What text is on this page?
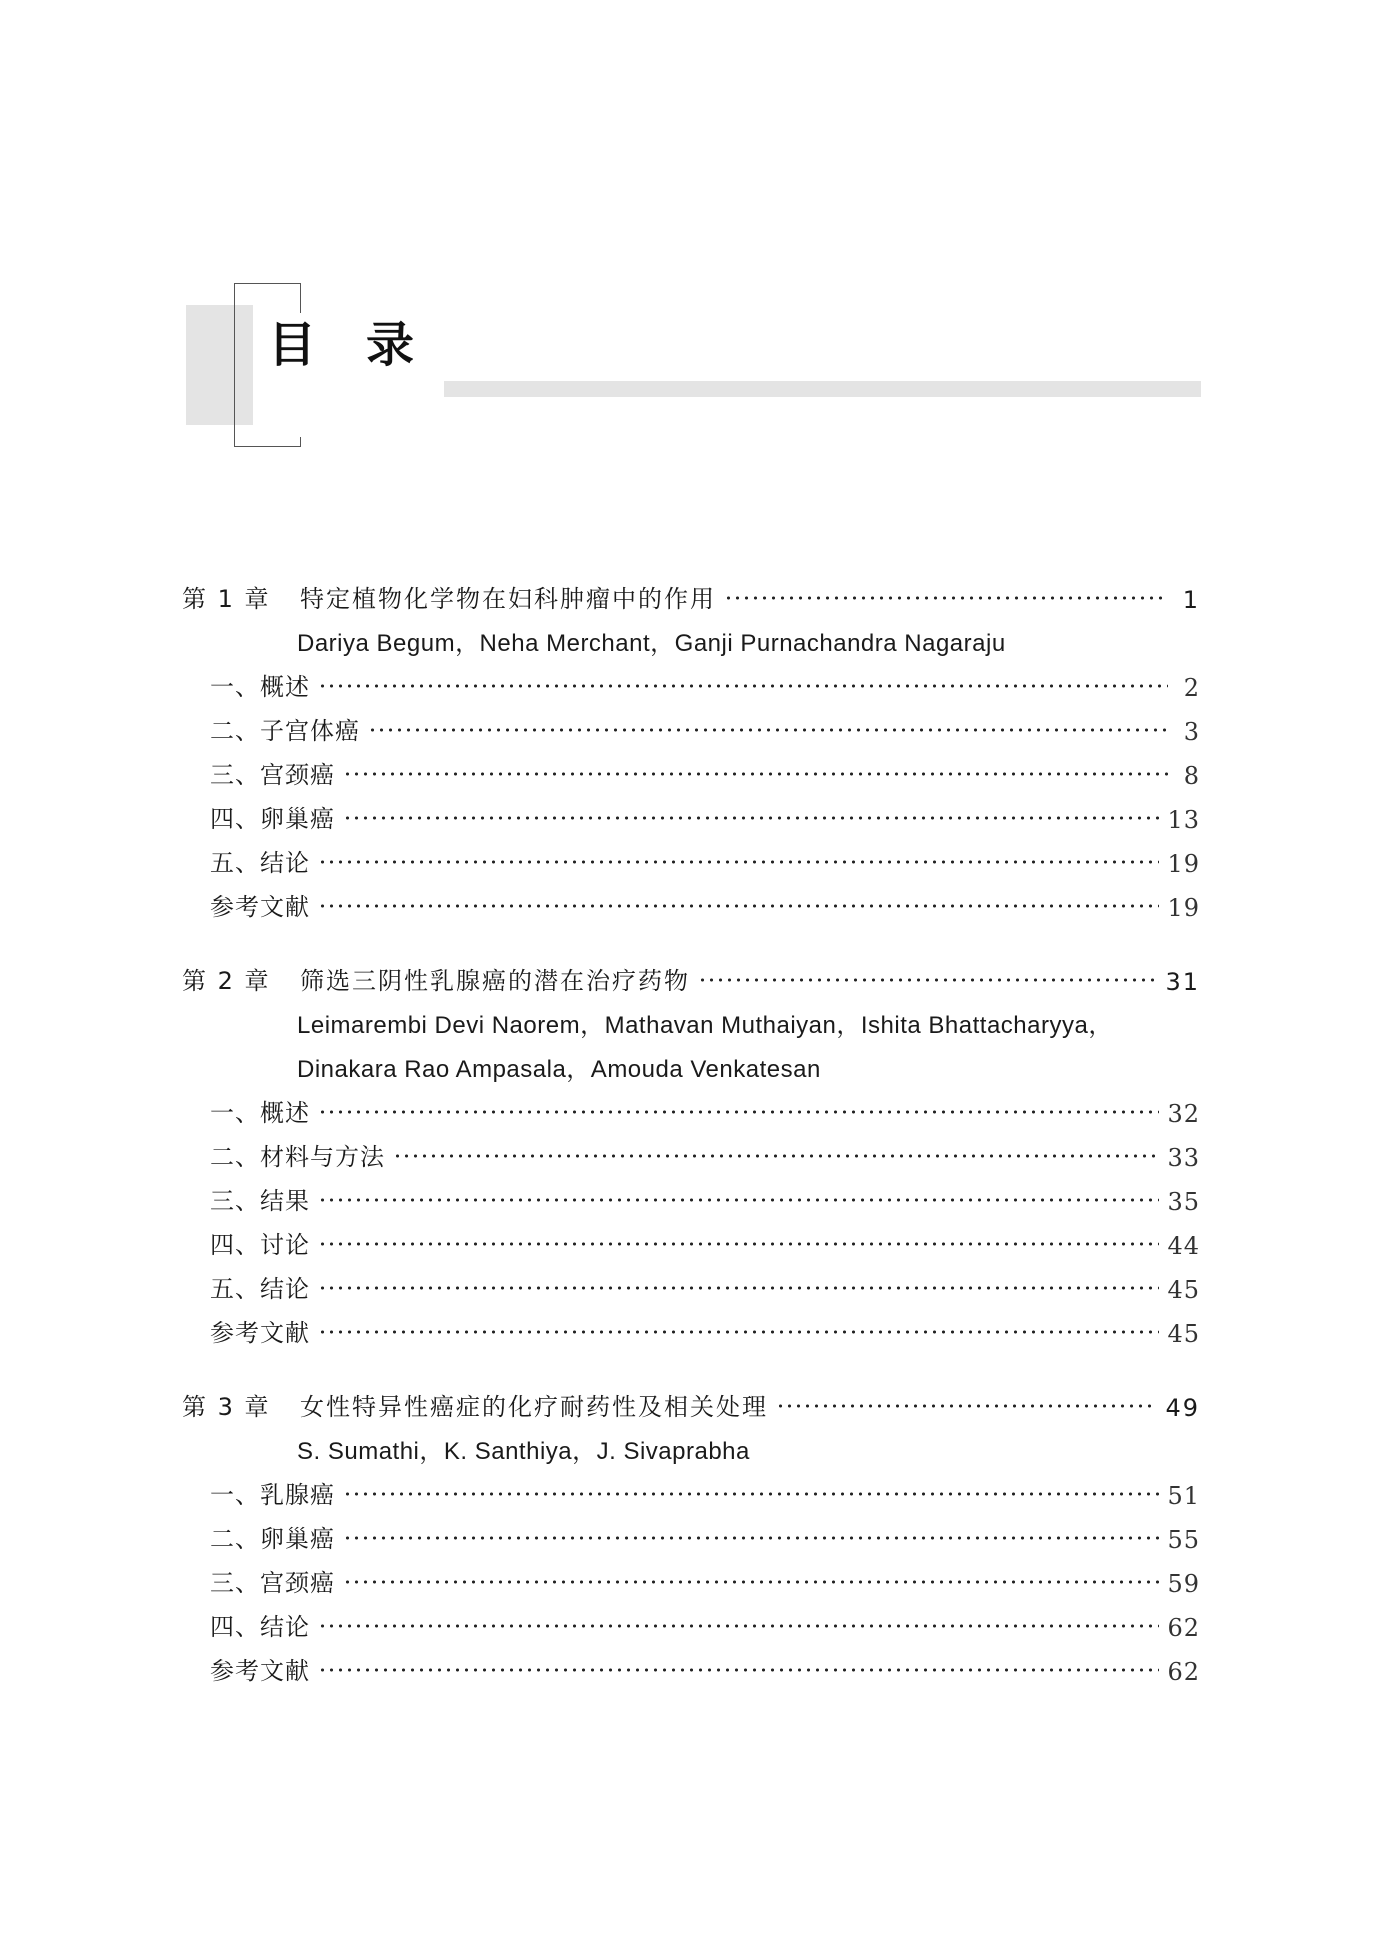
目录
第 1 章	特定植物化学物在妇科肿瘤中的作用	1
Dariya Begum，Neha Merchant，Ganji Purnachandra Nagaraju
一、概述	2
二、子宫体癌	3
三、宫颈癌	8
四、卵巢癌	13
五、结论	19
参考文献	19
第 2 章	筛选三阴性乳腺癌的潜在治疗药物	31
Leimarembi Devi Naorem，Mathavan Muthaiyan，Ishita Bhattacharyya，
Dinakara Rao Ampasala，Amouda Venkatesan
一、概述	32
二、材料与方法	33
三、结果	35
四、讨论	44
五、结论	45
参考文献	45
第 3 章	女性特异性癌症的化疗耐药性及相关处理	49
S. Sumathi，K. Santhiya，J. Sivaprabha
一、乳腺癌	51
二、卵巢癌	55
三、宫颈癌	59
四、结论	62
参考文献	62
